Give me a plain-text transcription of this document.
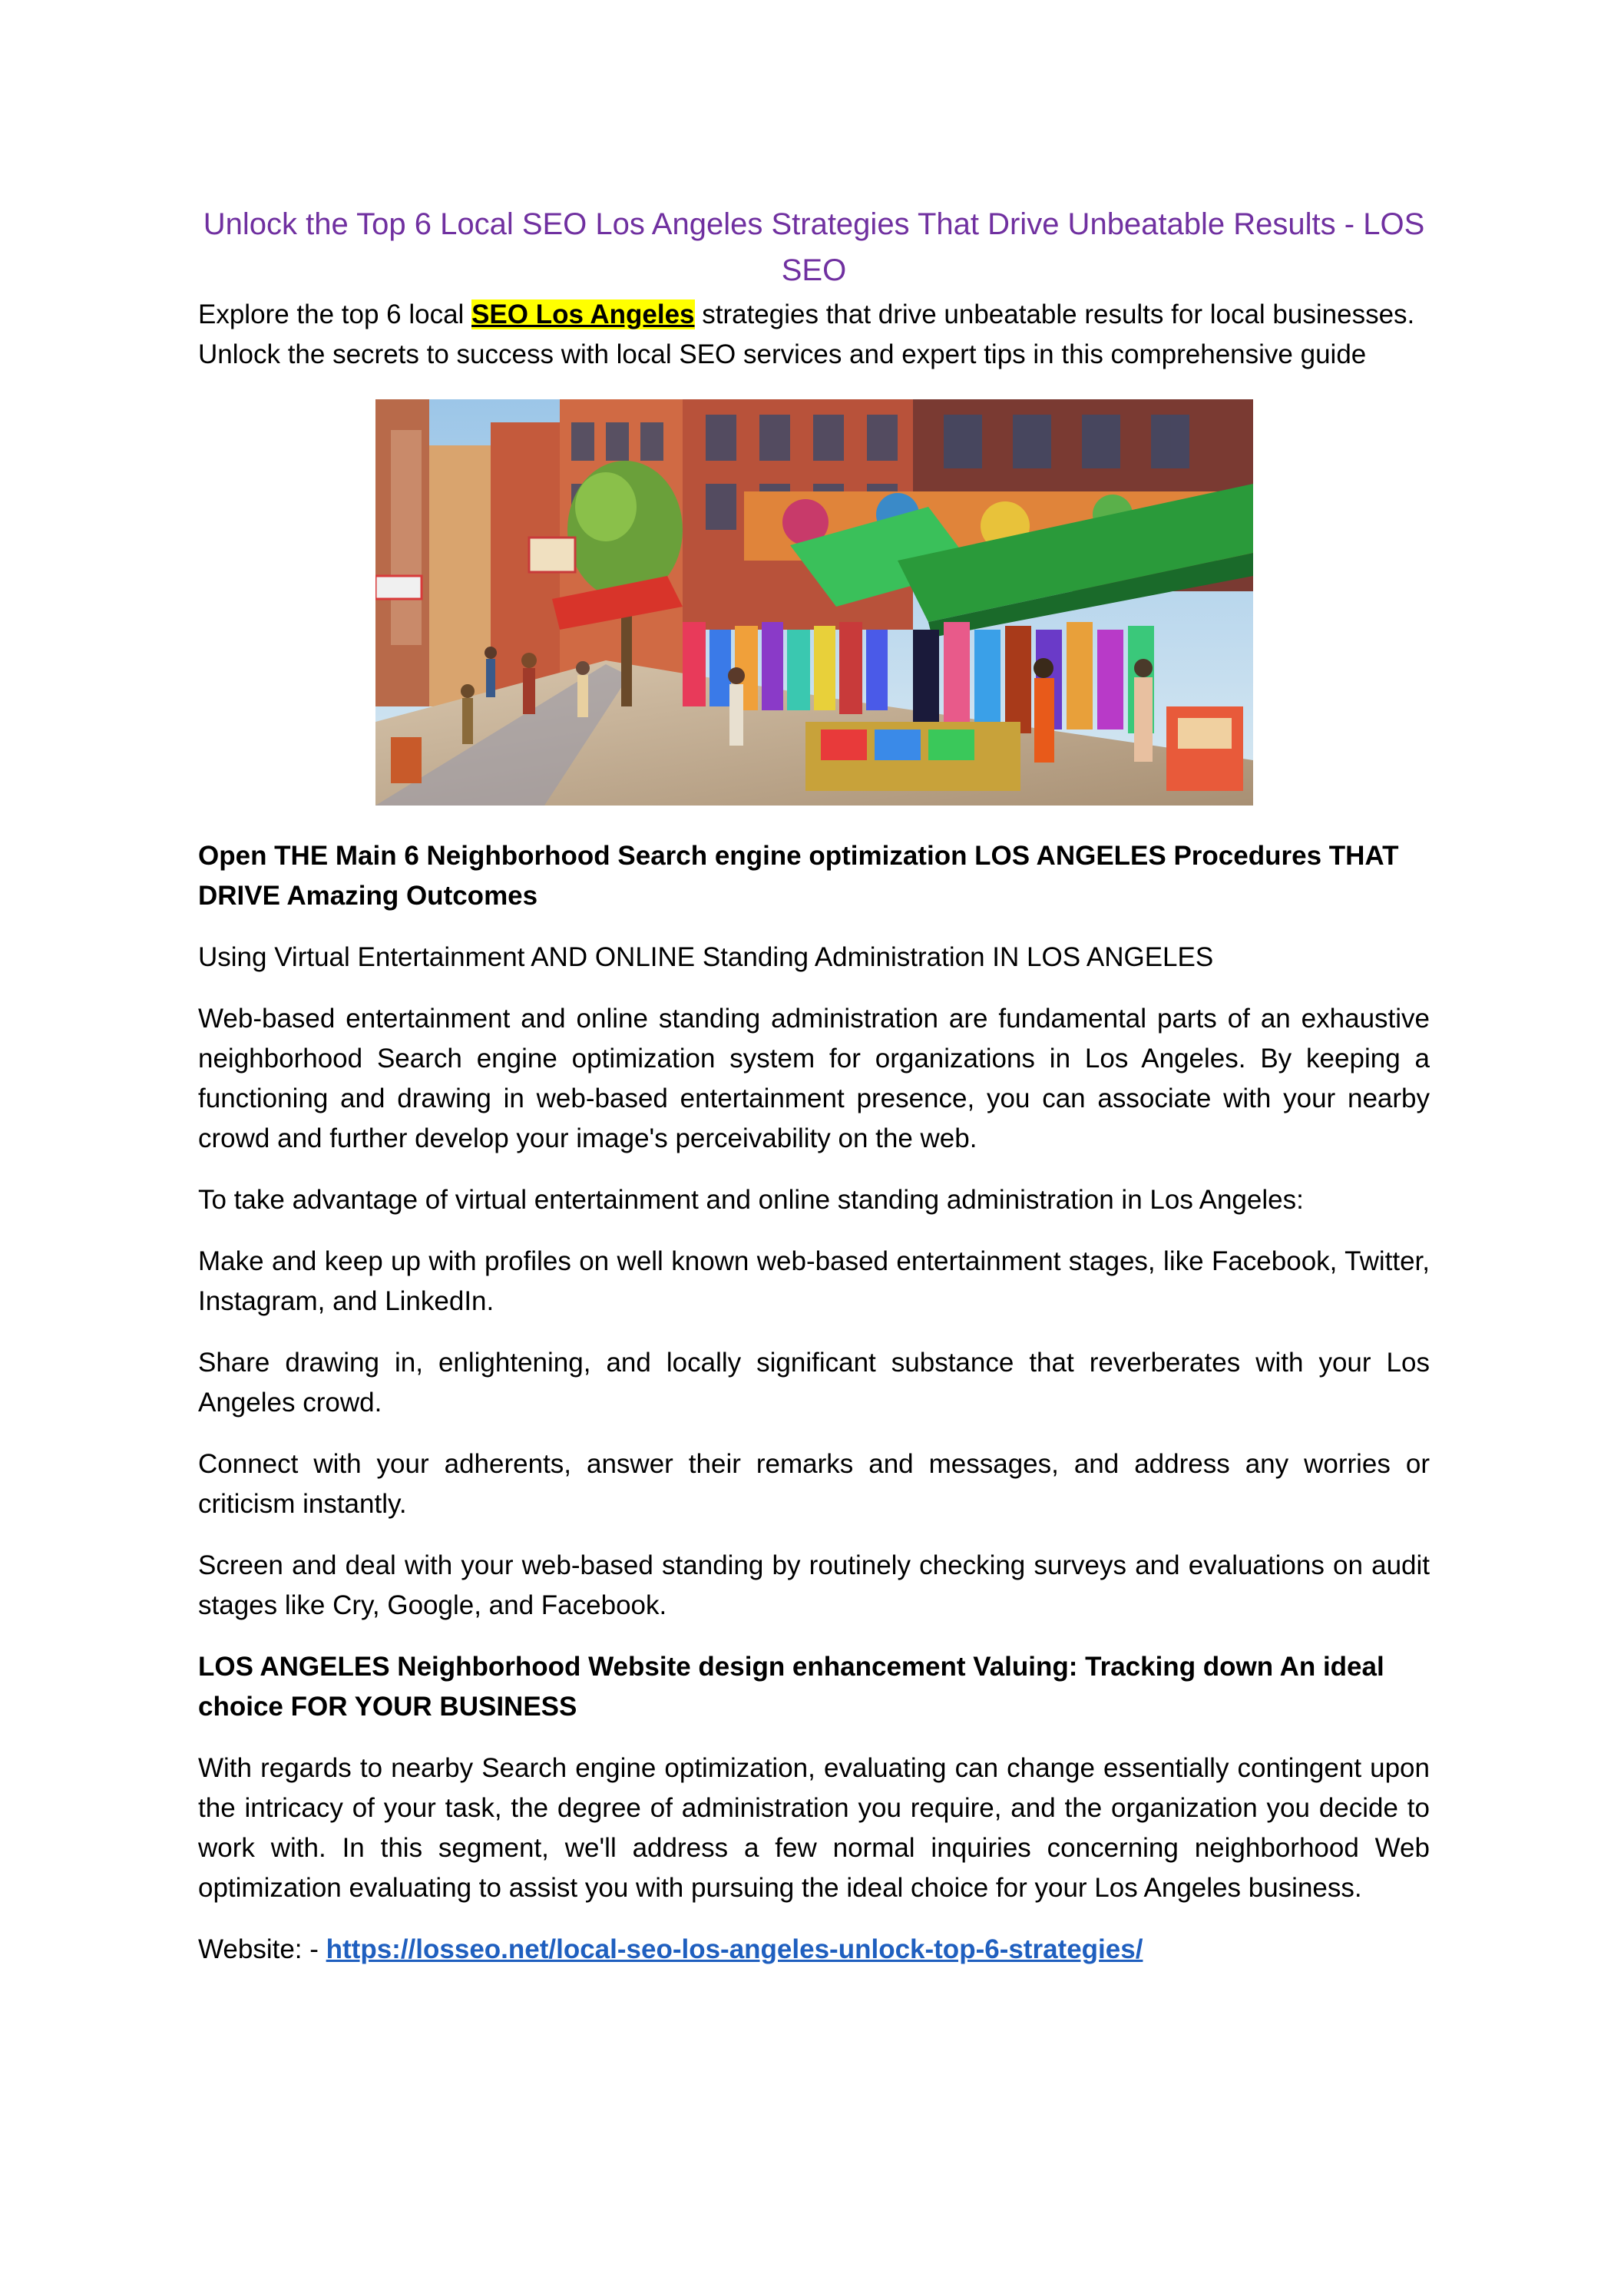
Unlock the Top 6 Local SEO Los Angeles Strategies That Drive Unbeatable Results - LOS SEO

Explore the top 6 local SEO Los Angeles strategies that drive unbeatable results for local businesses. Unlock the secrets to success with local SEO services and expert tips in this comprehensive guide

Open THE Main 6 Neighborhood Search engine optimization LOS ANGELES Procedures THAT DRIVE Amazing Outcomes

Using Virtual Entertainment AND ONLINE Standing Administration IN LOS ANGELES

Web-based entertainment and online standing administration are fundamental parts of an exhaustive neighborhood Search engine optimization system for organizations in Los Angeles. By keeping a functioning and drawing in web-based entertainment presence, you can associate with your nearby crowd and further develop your image's perceivability on the web.

To take advantage of virtual entertainment and online standing administration in Los Angeles:

Make and keep up with profiles on well known web-based entertainment stages, like Facebook, Twitter, Instagram, and LinkedIn.

Share drawing in, enlightening, and locally significant substance that reverberates with your Los Angeles crowd.

Connect with your adherents, answer their remarks and messages, and address any worries or criticism instantly.

Screen and deal with your web-based standing by routinely checking surveys and evaluations on audit stages like Cry, Google, and Facebook.

LOS ANGELES Neighborhood Website design enhancement Valuing: Tracking down An ideal choice FOR YOUR BUSINESS

With regards to nearby Search engine optimization, evaluating can change essentially contingent upon the intricacy of your task, the degree of administration you require, and the organization you decide to work with. In this segment, we'll address a few normal inquiries concerning neighborhood Web optimization evaluating to assist you with pursuing the ideal choice for your Los Angeles business.

Website: - https://losseo.net/local-seo-los-angeles-unlock-top-6-strategies/
